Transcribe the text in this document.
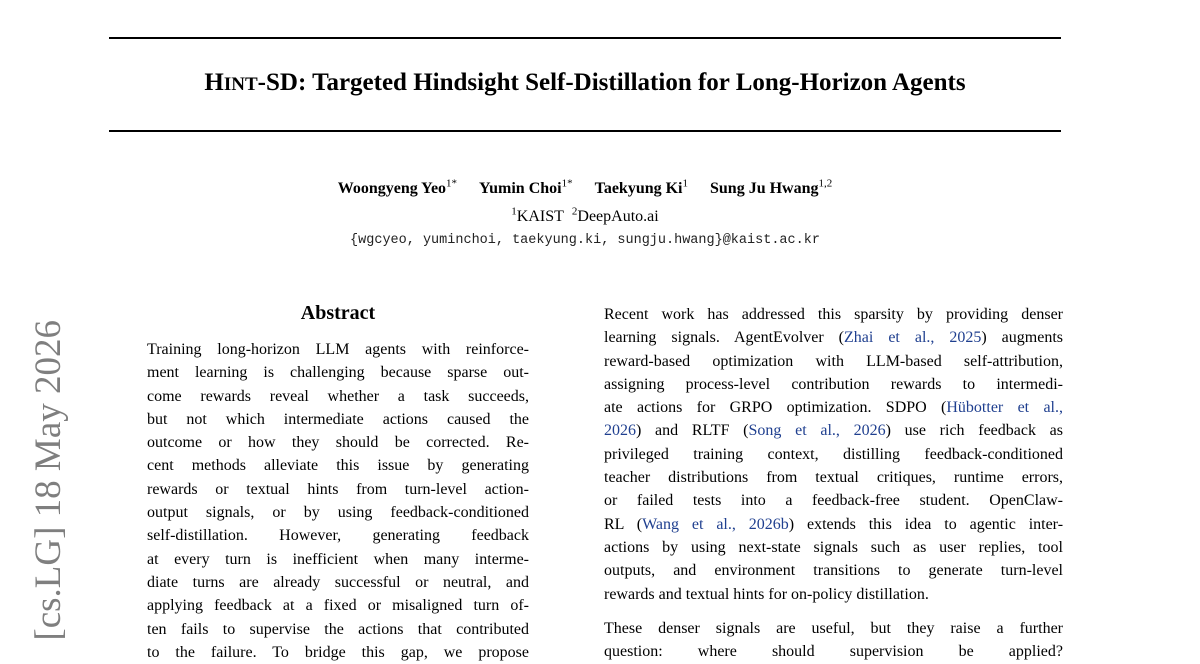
HINT-SD: Targeted Hindsight Self-Distillation for Long-Horizon Agents
Woongyeng Yeo$^{1*}$ Yumin Choi$^{1*}$ Taekyung Ki$^1$ Sung Ju Hwang$^{1,2}$
$^1$KAIST $^2$DeepAuto.ai
{wgcyeo, yuminchoi, taekyung.ki, sungju.hwang}@kaist.ac.kr
[cs.LG] 18 May 2026
Abstract
Training long-horizon LLM agents with reinforce-
ment learning is challenging because sparse out-
come rewards reveal whether a task succeeds,
but not which intermediate actions caused the
outcome or how they should be corrected. Re-
cent methods alleviate this issue by generating
rewards or textual hints from turn-level action-
output signals, or by using feedback-conditioned
self-distillation. However, generating feedback
at every turn is inefficient when many interme-
diate turns are already successful or neutral, and
applying feedback at a fixed or misaligned turn of-
ten fails to supervise the actions that contributed
to the failure. To bridge this gap, we propose
Recent work has addressed this sparsity by providing denser
learning signals. AgentEvolver (Zhai et al., 2025) augments
reward-based optimization with LLM-based self-attribution,
assigning process-level contribution rewards to intermedi-
ate actions for GRPO optimization. SDPO (Hübotter et al.,
2026) and RLTF (Song et al., 2026) use rich feedback as
privileged training context, distilling feedback-conditioned
teacher distributions from textual critiques, runtime errors,
or failed tests into a feedback-free student. OpenClaw-
RL (Wang et al., 2026b) extends this idea to agentic inter-
actions by using next-state signals such as user replies, tool
outputs, and environment transitions to generate turn-level
rewards and textual hints for on-policy distillation.
These denser signals are useful, but they raise a further
question: where should supervision be applied?
